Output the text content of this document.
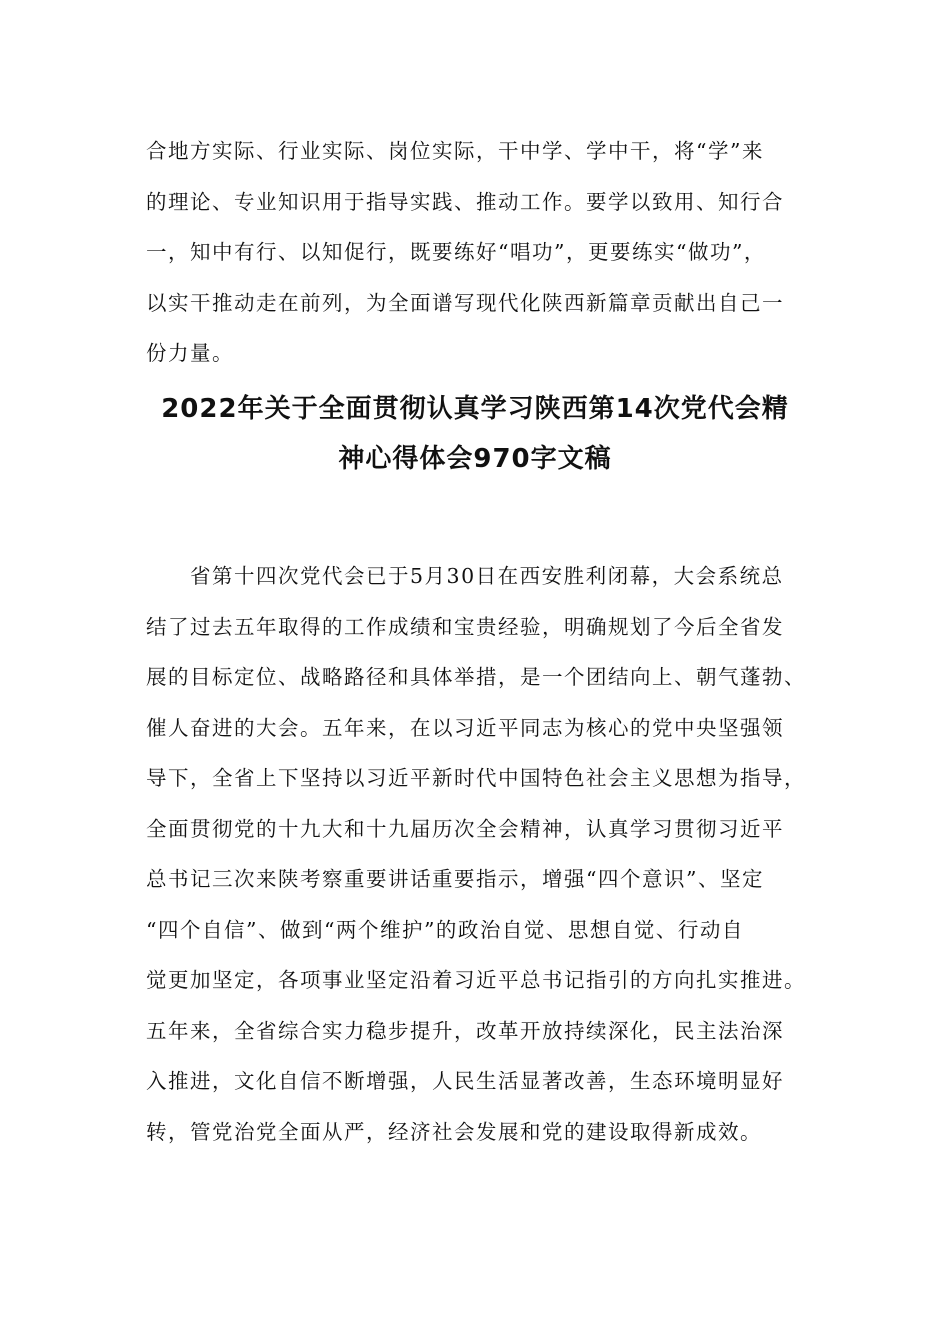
合地方实际、行业实际、岗位实际，干中学、学中干，将“学”来
的理论、专业知识用于指导实践、推动工作。要学以致用、知行合
一，知中有行、以知促行，既要练好“唱功”，更要练实“做功”，
以实干推动走在前列，为全面谱写现代化陕西新篇章贡献出自己一
份力量。

2022年关于全面贯彻认真学习陕西第14次党代会精
神心得体会970字文稿

　　省第十四次党代会已于5月30日在西安胜利闭幕，大会系统总
结了过去五年取得的工作成绩和宝贵经验，明确规划了今后全省发
展的目标定位、战略路径和具体举措，是一个团结向上、朝气蓬勃、
催人奋进的大会。五年来，在以习近平同志为核心的党中央坚强领
导下，全省上下坚持以习近平新时代中国特色社会主义思想为指导，
全面贯彻党的十九大和十九届历次全会精神，认真学习贯彻习近平
总书记三次来陕考察重要讲话重要指示，增强“四个意识”、坚定
“四个自信”、做到“两个维护”的政治自觉、思想自觉、行动自
觉更加坚定，各项事业坚定沿着习近平总书记指引的方向扎实推进。
五年来，全省综合实力稳步提升，改革开放持续深化，民主法治深
入推进，文化自信不断增强，人民生活显著改善，生态环境明显好
转，管党治党全面从严，经济社会发展和党的建设取得新成效。
